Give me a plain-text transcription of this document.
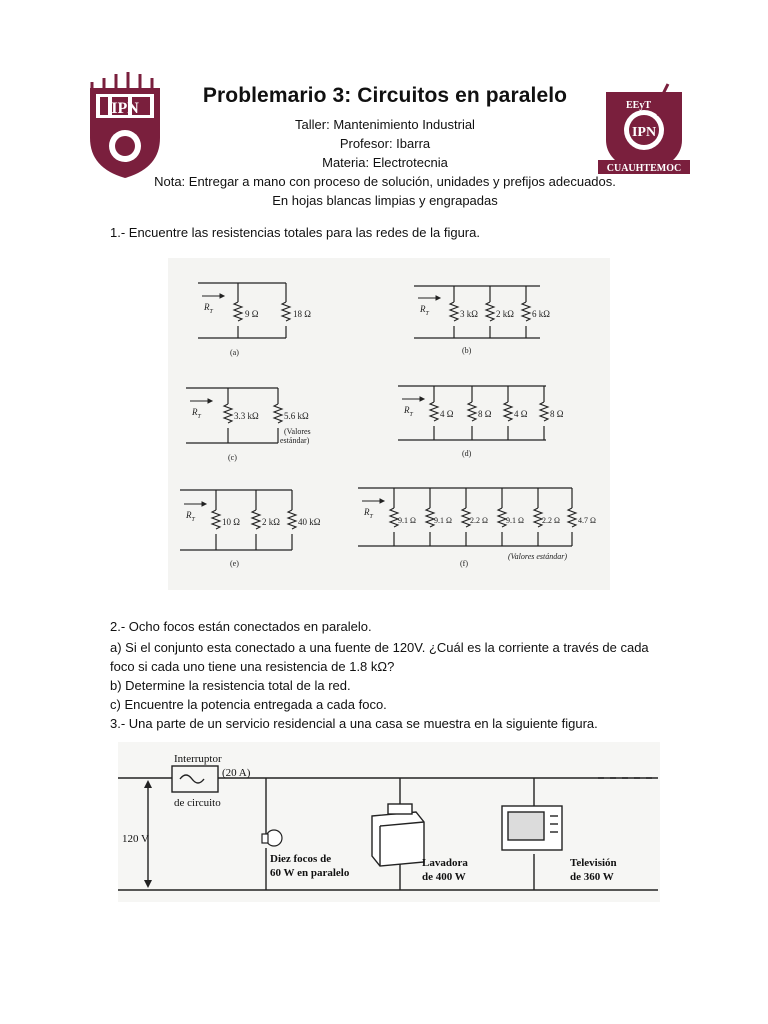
IPN
IPN
EEyT
CUAUHTEMOC
Problemario 3: Circuitos en paralelo
Taller: Mantenimiento Industrial
Profesor: Ibarra
Materia: Electrotecnia
Nota: Entregar a mano con proceso de solución, unidades y prefijos adecuados.
En hojas blancas limpias y engrapadas
1.- Encuentre las resistencias totales para las redes de la figura.
$R_T$	$R_T$
$R_T$
$R_T$
$R_T$
$R_T$
9 Ω	18 Ω	3 kΩ 2 kΩ 6 kΩ
3.3 kΩ	5.6 kΩ
(Valores
estándar)
4 Ω	8 Ω	4 Ω	8 Ω
10 Ω 2 kΩ 40 kΩ	9.1 Ω 9.1 Ω 2.2 Ω 9.1 Ω 2.2 Ω 4.7 Ω
(Valores estándar)
(a)	(b)
(c)	(d)
(e)	(f)
2.- Ocho focos están conectados en paralelo.
a) Si el conjunto esta conectado a una fuente de 120V. ¿Cuál es la corriente a través de cada
foco si cada uno tiene una resistencia de 1.8 kΩ?
b) Determine la resistencia total de la red.
c) Encuentre la potencia entregada a cada foco.
3.- Una parte de un servicio residencial a una casa se muestra en la siguiente figura.
Interruptor
(20 A)
de circuito
120 V
Diez focos de
60 W en paralelo
Lavadora
de 400 W
Televisión
de 360 W
